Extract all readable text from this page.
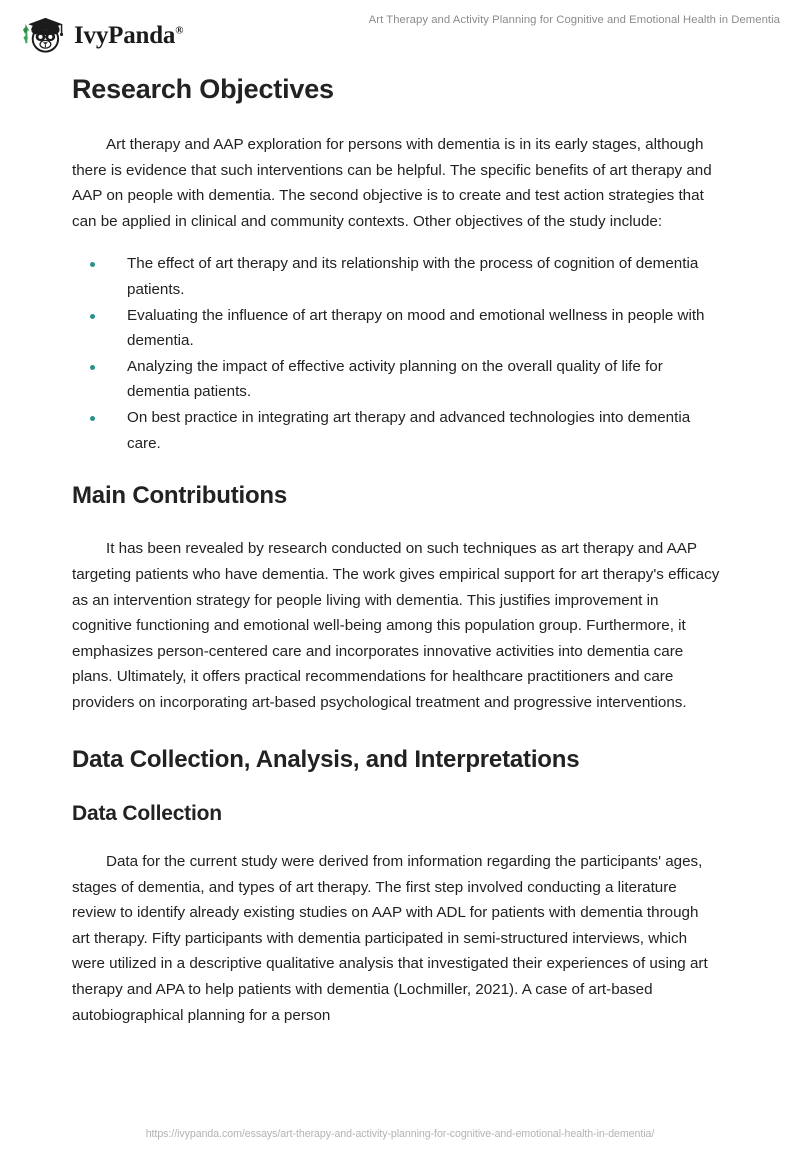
IvyPanda®
Art Therapy and Activity Planning for Cognitive and Emotional Health in Dementia
Research Objectives

Art therapy and AAP exploration for persons with dementia is in its early stages, although there is evidence that such interventions can be helpful. The specific benefits of art therapy and AAP on people with dementia. The second objective is to create and test action strategies that can be applied in clinical and community contexts. Other objectives of the study include:

The effect of art therapy and its relationship with the process of cognition of dementia patients.
Evaluating the influence of art therapy on mood and emotional wellness in people with dementia.
Analyzing the impact of effective activity planning on the overall quality of life for dementia patients.
On best practice in integrating art therapy and advanced technologies into dementia care.
Main Contributions

It has been revealed by research conducted on such techniques as art therapy and AAP targeting patients who have dementia. The work gives empirical support for art therapy's efficacy as an intervention strategy for people living with dementia. This justifies improvement in cognitive functioning and emotional well-being among this population group. Furthermore, it emphasizes person-centered care and incorporates innovative activities into dementia care plans. Ultimately, it offers practical recommendations for healthcare practitioners and care providers on incorporating art-based psychological treatment and progressive interventions.

Data Collection, Analysis, and Interpretations
Data Collection

Data for the current study were derived from information regarding the participants' ages, stages of dementia, and types of art therapy. The first step involved conducting a literature review to identify already existing studies on AAP with ADL for patients with dementia through art therapy. Fifty participants with dementia participated in semi-structured interviews, which were utilized in a descriptive qualitative analysis that investigated their experiences of using art therapy and APA to help patients with dementia (Lochmiller, 2021). A case of art-based autobiographical planning for a person

https://ivypanda.com/essays/art-therapy-and-activity-planning-for-cognitive-and-emotional-health-in-dementia/
